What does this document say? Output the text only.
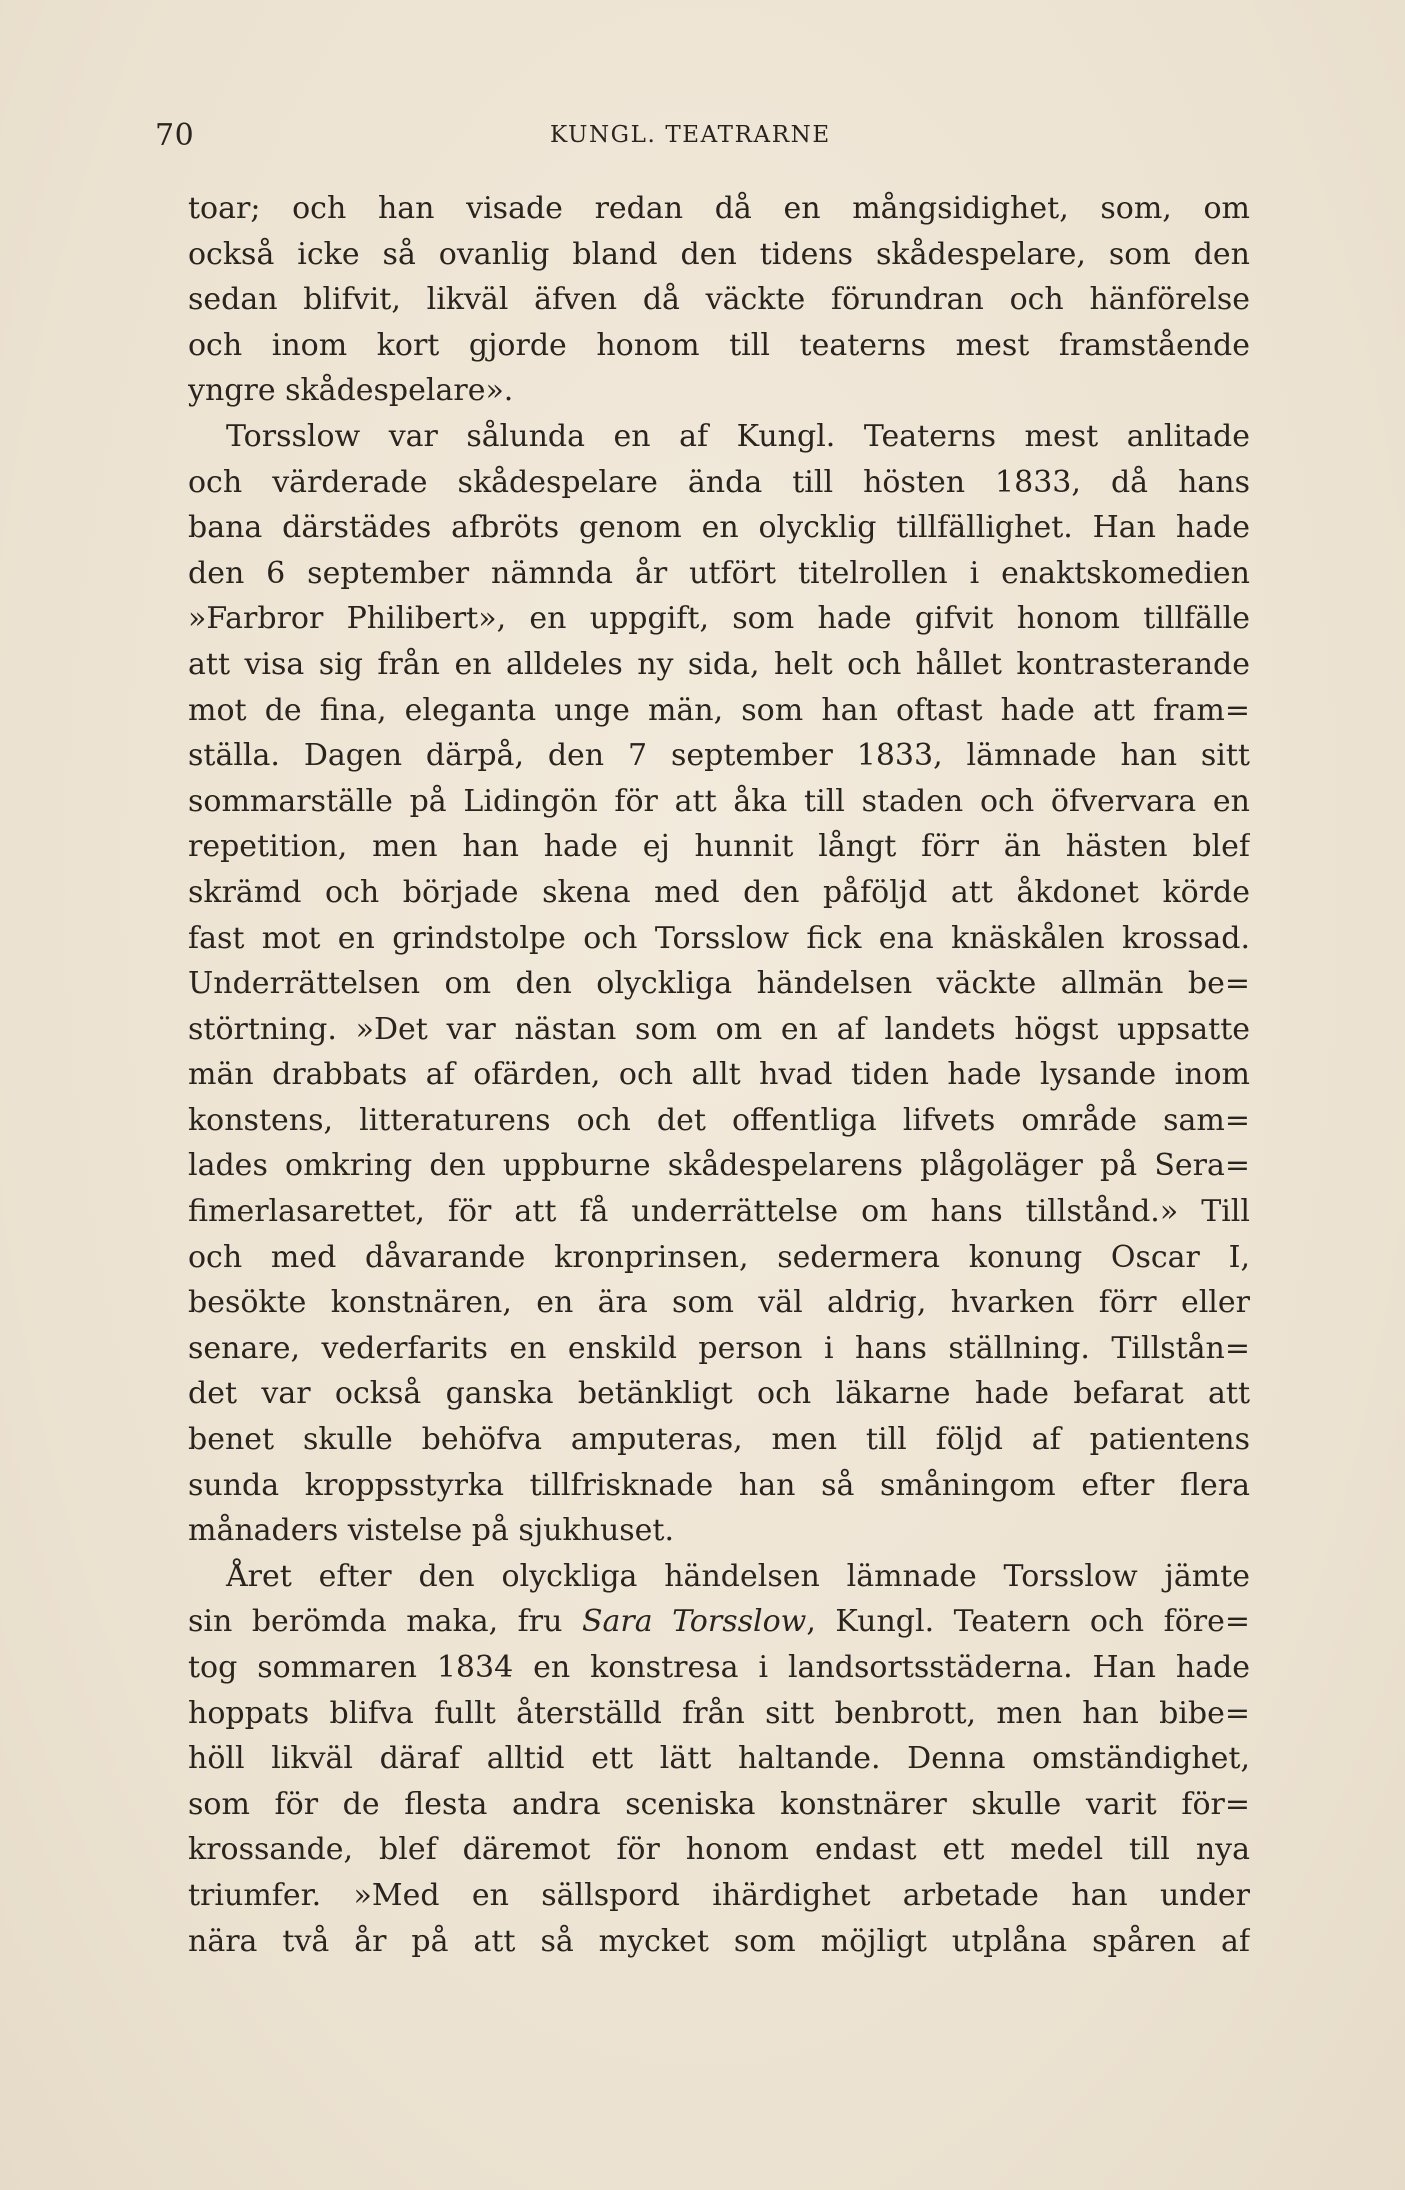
70	KUNGL. TEATRARNE
toar; och han visade redan då en mångsidighet, som, om
också icke så ovanlig bland den tidens skådespelare, som den
sedan blifvit, likväl äfven då väckte förundran och hänförelse
och inom kort gjorde honom till teaterns mest framstående
yngre skådespelare».
Torsslow var sålunda en af Kungl. Teaterns mest anlitade
och värderade skådespelare ända till hösten 1833, då hans
bana därstädes afbröts genom en olycklig tillfällighet. Han hade
den 6 september nämnda år utfört titelrollen i enaktskomedien
»Farbror Philibert», en uppgift, som hade gifvit honom tillfälle
att visa sig från en alldeles ny sida, helt och hållet kontrasterande
mot de fina, eleganta unge män, som han oftast hade att fram=
ställa. Dagen därpå, den 7 september 1833, lämnade han sitt
sommarställe på Lidingön för att åka till staden och öfvervara en
repetition, men han hade ej hunnit långt förr än hästen blef
skrämd och började skena med den påföljd att åkdonet körde
fast mot en grindstolpe och Torsslow fick ena knäskålen krossad.
Underrättelsen om den olyckliga händelsen väckte allmän be=
störtning. »Det var nästan som om en af landets högst uppsatte
män drabbats af ofärden, och allt hvad tiden hade lysande inom
konstens, litteraturens och det offentliga lifvets område sam=
lades omkring den uppburne skådespelarens plågoläger på Sera=
fimerlasarettet, för att få underrättelse om hans tillstånd.» Till
och med dåvarande kronprinsen, sedermera konung Oscar I,
besökte konstnären, en ära som väl aldrig, hvarken förr eller
senare, vederfarits en enskild person i hans ställning. Tillstån=
det var också ganska betänkligt och läkarne hade befarat att
benet skulle behöfva amputeras, men till följd af patientens
sunda kroppsstyrka tillfrisknade han så småningom efter flera
månaders vistelse på sjukhuset.
Året efter den olyckliga händelsen lämnade Torsslow jämte
sin berömda maka, fru Sara Torsslow, Kungl. Teatern och före=
tog sommaren 1834 en konstresa i landsortsstäderna. Han hade
hoppats blifva fullt återställd från sitt benbrott, men han bibe=
höll likväl däraf alltid ett lätt haltande. Denna omständighet,
som för de flesta andra sceniska konstnärer skulle varit för=
krossande, blef däremot för honom endast ett medel till nya
triumfer. »Med en sällspord ihärdighet arbetade han under
nära två år på att så mycket som möjligt utplåna spåren af
